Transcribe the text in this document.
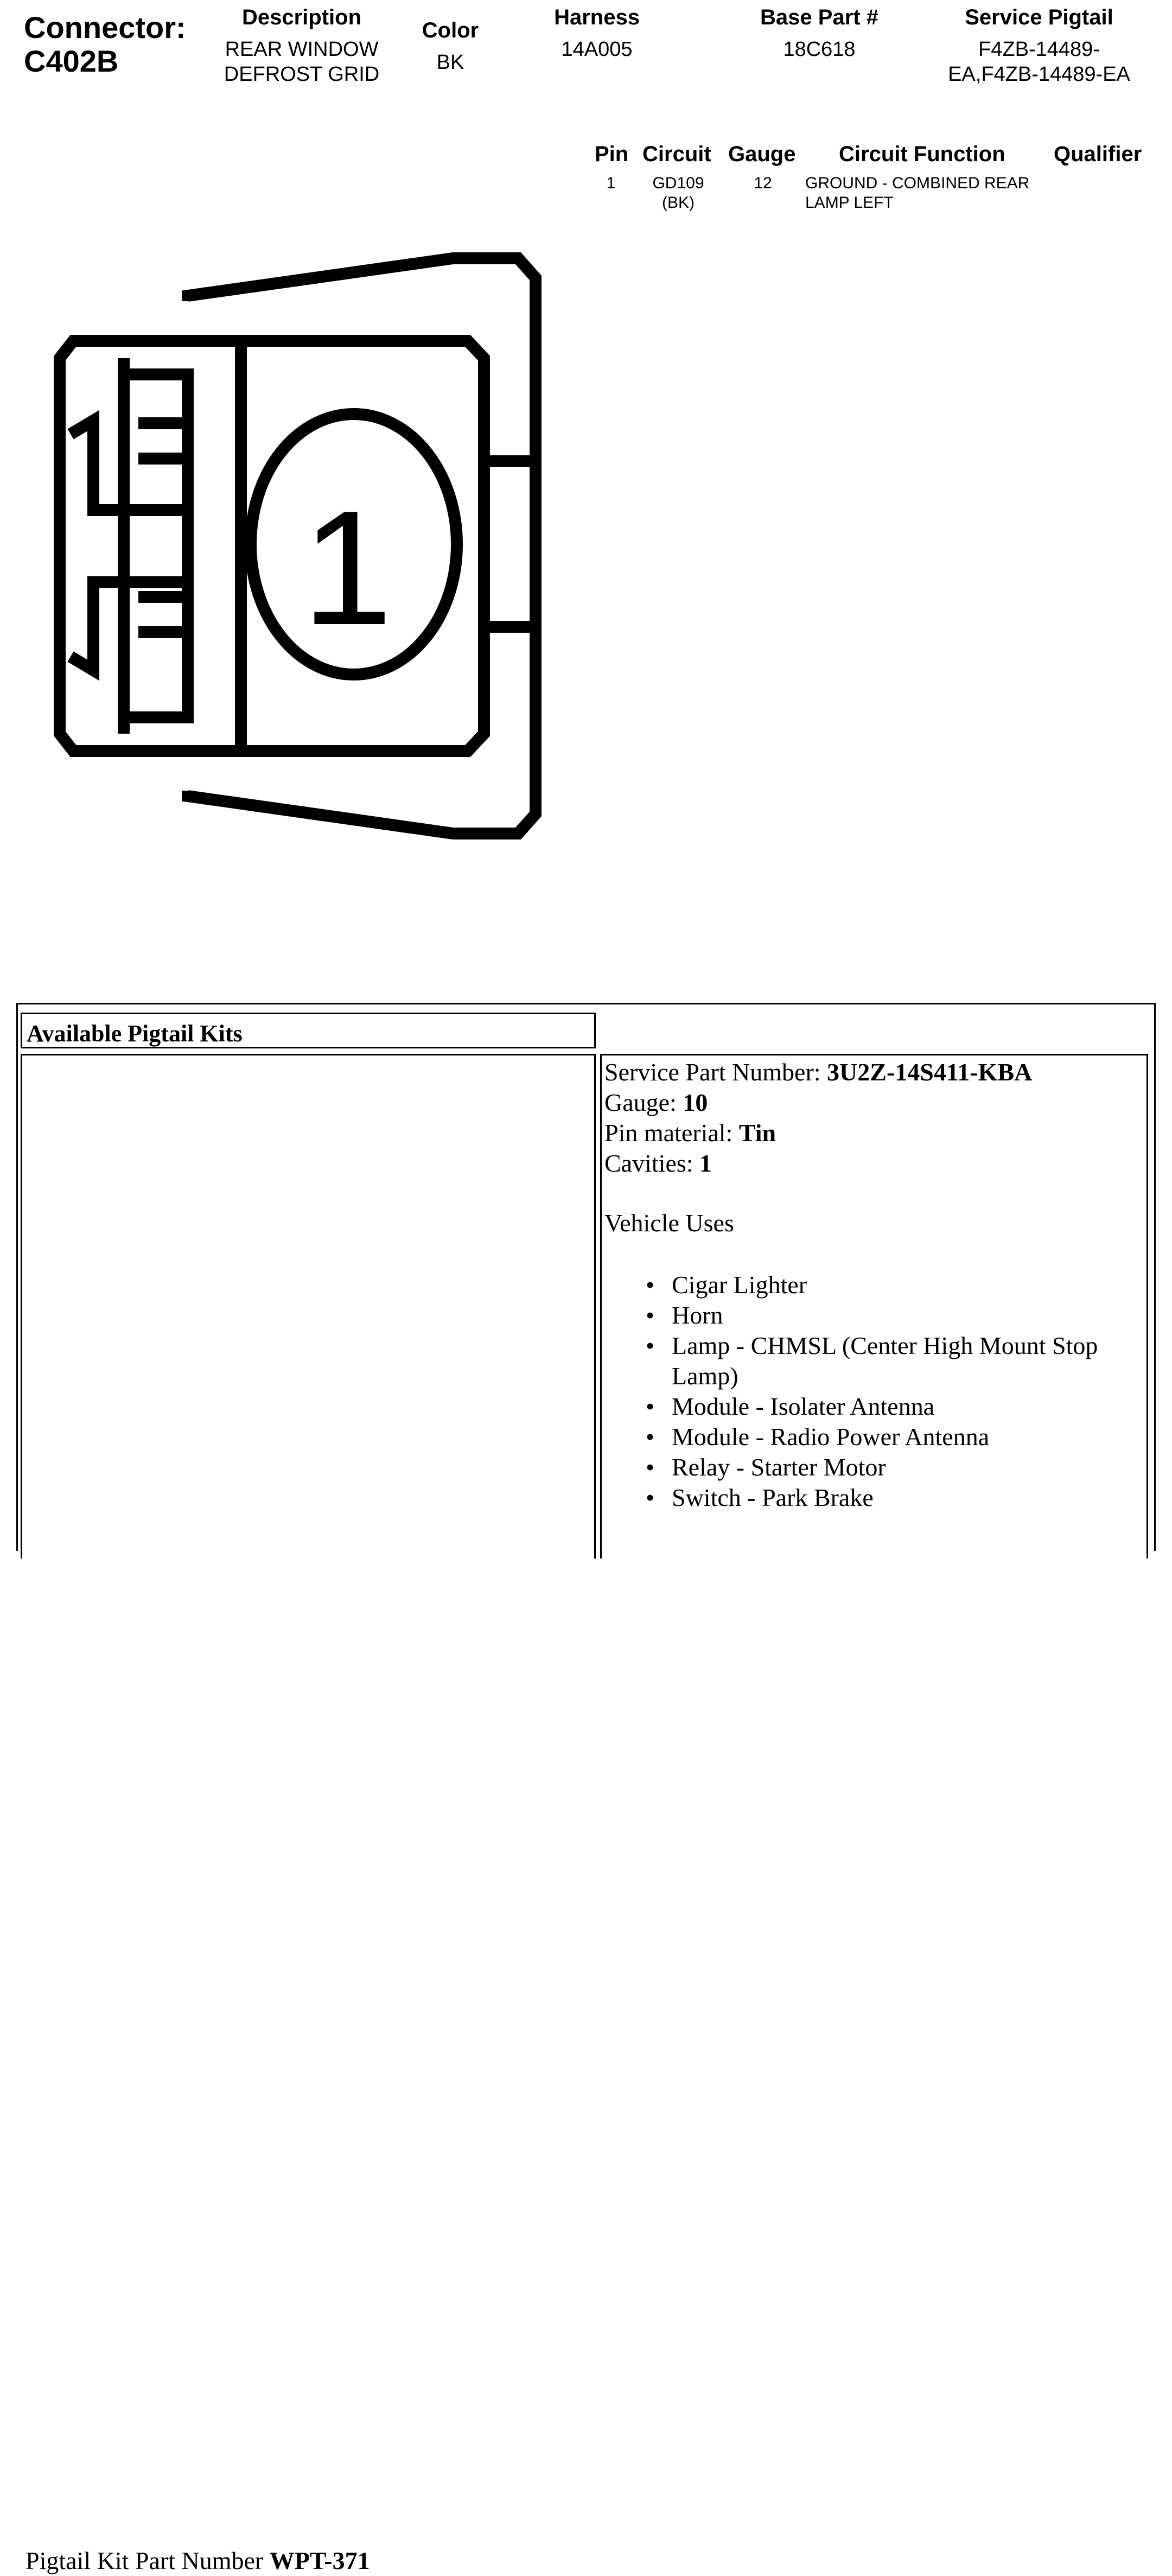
Connector:
C402B
Description
REAR WINDOW
DEFROST GRID
Color
BK
Harness
14A005
Base Part #
18C618
Service Pigtail
F4ZB-14489-
EA,F4ZB-14489-EA
Pin Circuit Gauge Circuit Function Qualifier
1	GD109
(BK)
12	GROUND - COMBINED REAR
LAMP LEFT
1
Available Pigtail Kits
Pigtail Kit Part Number WPT-371
Service Part Number: 3U2Z-14S411-KBA
Gauge: 10
Pin material: Tin
Cavities: 1
Vehicle Uses
• Cigar Lighter
• Horn
• Lamp - CHMSL (Center High Mount Stop Lamp)
• Module - Isolater Antenna
• Module - Radio Power Antenna
• Relay - Starter Motor
• Switch - Park Brake
